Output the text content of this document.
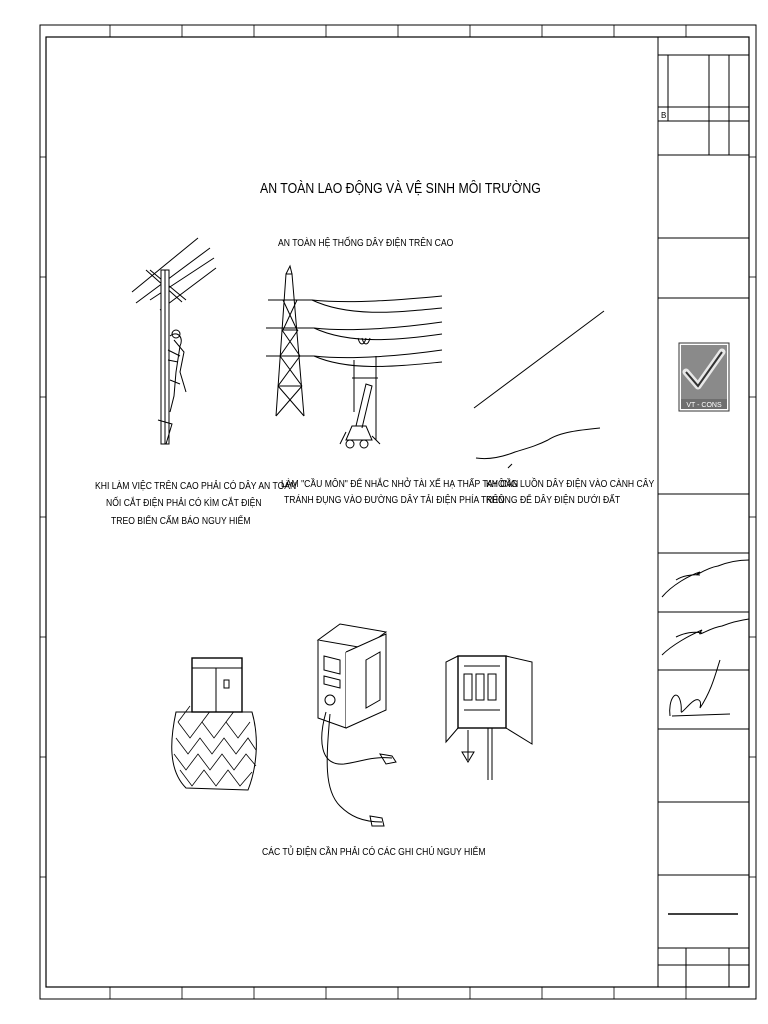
B
VT - CONS
AN TOÀN LAO ĐỘNG VÀ VỆ SINH MÔI TRƯỜNG
AN TOÀN HỆ THỐNG DÂY ĐIỆN TRÊN CAO
KHI LÀM VIỆC TRÊN CAO PHẢI CÓ DÂY AN TOÀN
NỐI CẮT ĐIỆN PHẢI CÓ KÌM CẮT ĐIỆN
TREO BIỂN CẤM BÁO NGUY HIỂM
LÀM "CẦU MÔN" ĐỂ NHẮC NHỞ TÀI XẾ HẠ THẤP TAY CẦN
TRÁNH ĐỤNG VÀO ĐƯỜNG DÂY TẢI ĐIỆN PHÍA TRÊN
KHÔNG LUỒN DÂY ĐIỆN VÀO CÀNH CÂY
KHÔNG ĐỂ DÂY ĐIỆN DƯỚI ĐẤT
CÁC TỦ ĐIỆN CẦN PHẢI CÓ CÁC GHI CHÚ NGUY HIỂM
